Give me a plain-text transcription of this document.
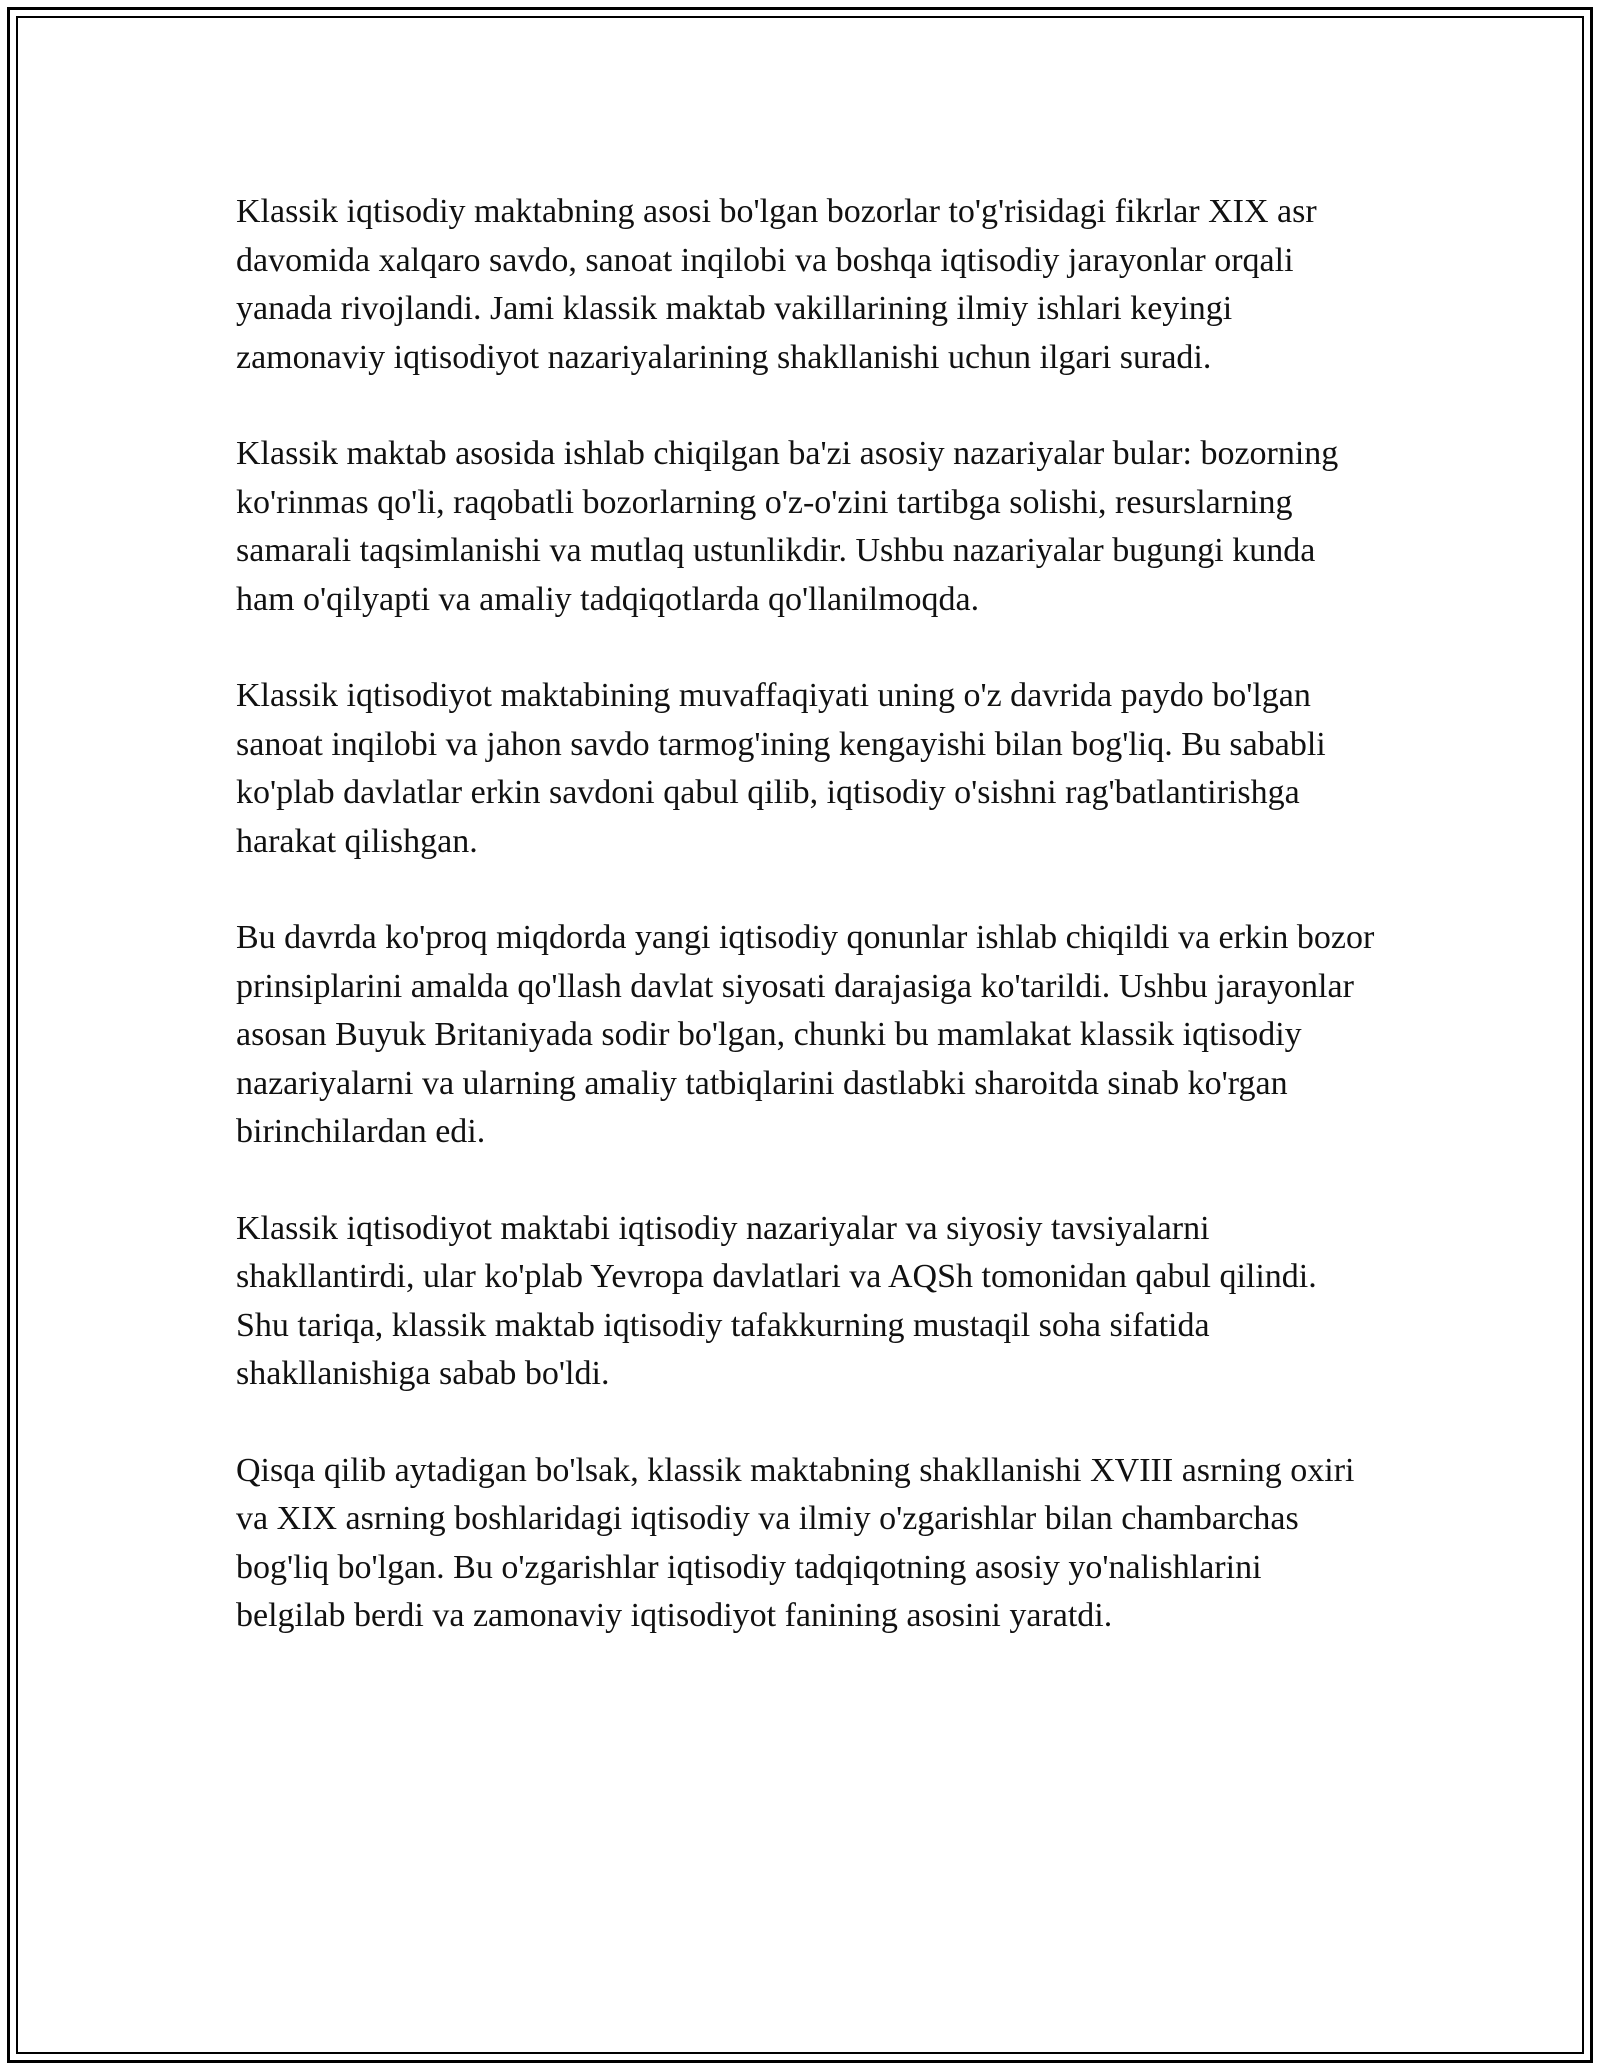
Klassik iqtisodiy maktabning asosi bo'lgan bozorlar to'g'risidagi fikrlar XIX asr davomida xalqaro savdo, sanoat inqilobi va boshqa iqtisodiy jarayonlar orqali yanada rivojlandi. Jami klassik maktab vakillarining ilmiy ishlari keyingi zamonaviy iqtisodiyot nazariyalarining shakllanishi uchun ilgari suradi.

Klassik maktab asosida ishlab chiqilgan ba'zi asosiy nazariyalar bular: bozorning ko'rinmas qo'li, raqobatli bozorlarning o'z-o'zini tartibga solishi, resurslarning samarali taqsimlanishi va mutlaq ustunlikdir. Ushbu nazariyalar bugungi kunda ham o'qilyapti va amaliy tadqiqotlarda qo'llanilmoqda.

Klassik iqtisodiyot maktabining muvaffaqiyati uning o'z davrida paydo bo'lgan sanoat inqilobi va jahon savdo tarmog'ining kengayishi bilan bog'liq. Bu sababli ko'plab davlatlar erkin savdoni qabul qilib, iqtisodiy o'sishni rag'batlantirishga harakat qilishgan.

Bu davrda ko'proq miqdorda yangi iqtisodiy qonunlar ishlab chiqildi va erkin bozor prinsiplarini amalda qo'llash davlat siyosati darajasiga ko'tarildi. Ushbu jarayonlar asosan Buyuk Britaniyada sodir bo'lgan, chunki bu mamlakat klassik iqtisodiy nazariyalarni va ularning amaliy tatbiqlarini dastlabki sharoitda sinab ko'rgan birinchilardan edi.

Klassik iqtisodiyot maktabi iqtisodiy nazariyalar va siyosiy tavsiyalarni shakllantirdi, ular ko'plab Yevropa davlatlari va AQSh tomonidan qabul qilindi. Shu tariqa, klassik maktab iqtisodiy tafakkurning mustaqil soha sifatida shakllanishiga sabab bo'ldi.

Qisqa qilib aytadigan bo'lsak, klassik maktabning shakllanishi XVIII asrning oxiri va XIX asrning boshlaridagi iqtisodiy va ilmiy o'zgarishlar bilan chambarchas bog'liq bo'lgan. Bu o'zgarishlar iqtisodiy tadqiqotning asosiy yo'nalishlarini belgilab berdi va zamonaviy iqtisodiyot fanining asosini yaratdi.
